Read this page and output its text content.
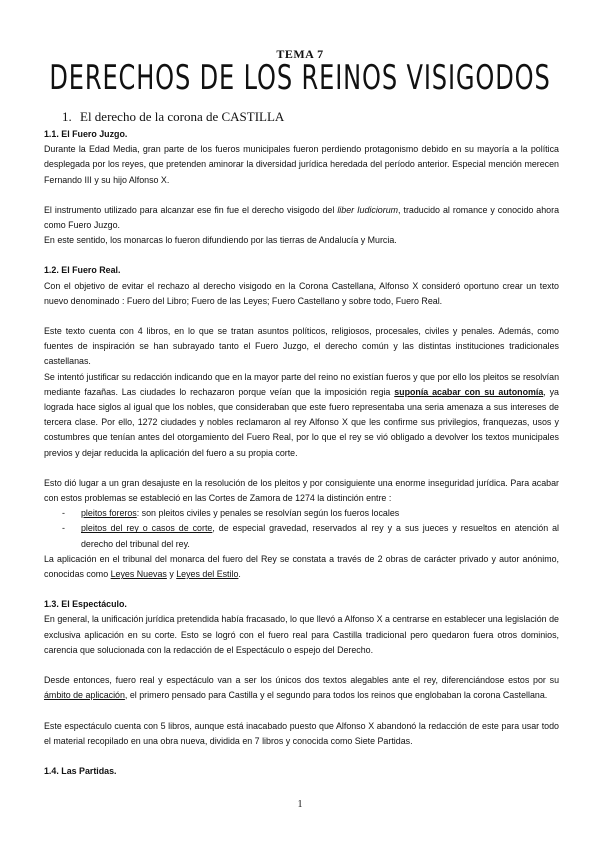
TEMA 7
DERECHOS DE LOS REINOS VISIGODOS
1. El derecho de la corona de CASTILLA

1.1. El Fuero Juzgo.

Durante la Edad Media, gran parte de los fueros municipales fueron perdiendo protagonismo debido en su mayoría a la política desplegada por los reyes, que pretenden aminorar la diversidad jurídica heredada del período anterior. Especial mención merecen Fernando III y su hijo Alfonso X.

El instrumento utilizado para alcanzar ese fin fue el derecho visigodo del liber Iudiciorum, traducido al romance y conocido ahora como Fuero Juzgo.

En este sentido, los monarcas lo fueron difundiendo por las tierras de Andalucía y Murcia.

1.2. El Fuero Real.

Con el objetivo de evitar el rechazo al derecho visigodo en la Corona Castellana, Alfonso X consideró oportuno crear un texto nuevo denominado : Fuero del Libro; Fuero de las Leyes; Fuero Castellano y sobre todo, Fuero Real.

Este texto cuenta con 4 libros, en lo que se tratan asuntos políticos, religiosos, procesales, civiles y penales. Además, como fuentes de inspiración se han subrayado tanto el Fuero Juzgo, el derecho común y las distintas instituciones tradicionales castellanas.

Se intentó justificar su redacción indicando que en la mayor parte del reino no existían fueros y que por ello los pleitos se resolvían mediante fazañas. Las ciudades lo rechazaron porque veían que la imposición regia suponía acabar con su autonomía, ya lograda hace siglos al igual que los nobles, que consideraban que este fuero representaba una seria amenaza a sus intereses de tercera clase. Por ello, 1272 ciudades y nobles reclamaron al rey Alfonso X que les confirme sus privilegios, franquezas, usos y costumbres que tenían antes del otorgamiento del Fuero Real, por lo que el rey se vió obligado a devolver los textos municipales previos y dejar reducida la aplicación del fuero a su propia corte.

Esto dió lugar a un gran desajuste en la resolución de los pleitos y por consiguiente una enorme inseguridad jurídica. Para acabar con estos problemas se estableció en las Cortes de Zamora de 1274 la distinción entre :

- pleitos foreros: son pleitos civiles y penales se resolvían según los fueros locales
- pleitos del rey o casos de corte, de especial gravedad, reservados al rey y a sus jueces y resueltos en atención al derecho del tribunal del rey.

La aplicación en el tribunal del monarca del fuero del Rey se constata a través de 2 obras de carácter privado y autor anónimo, conocidas como Leyes Nuevas y Leyes del Estilo.

1.3. El Espectáculo.

En general, la unificación jurídica pretendida había fracasado, lo que llevó a Alfonso X a centrarse en establecer una legislación de exclusiva aplicación en su corte. Esto se logró con el fuero real para Castilla tradicional pero quedaron fuera otros dominios, carencia que solucionada con la redacción de el Espectáculo o espejo del Derecho.

Desde entonces, fuero real y espectáculo van a ser los únicos dos textos alegables ante el rey, diferenciándose estos por su ámbito de aplicación, el primero pensado para Castilla y el segundo para todos los reinos que englobaban la corona Castellana.

Este espectáculo cuenta con 5 libros, aunque está inacabado puesto que Alfonso X abandonó la redacción de este para usar todo el material recopilado en una obra nueva, dividida en 7 libros y conocida como Siete Partidas.

1.4. Las Partidas.

1
